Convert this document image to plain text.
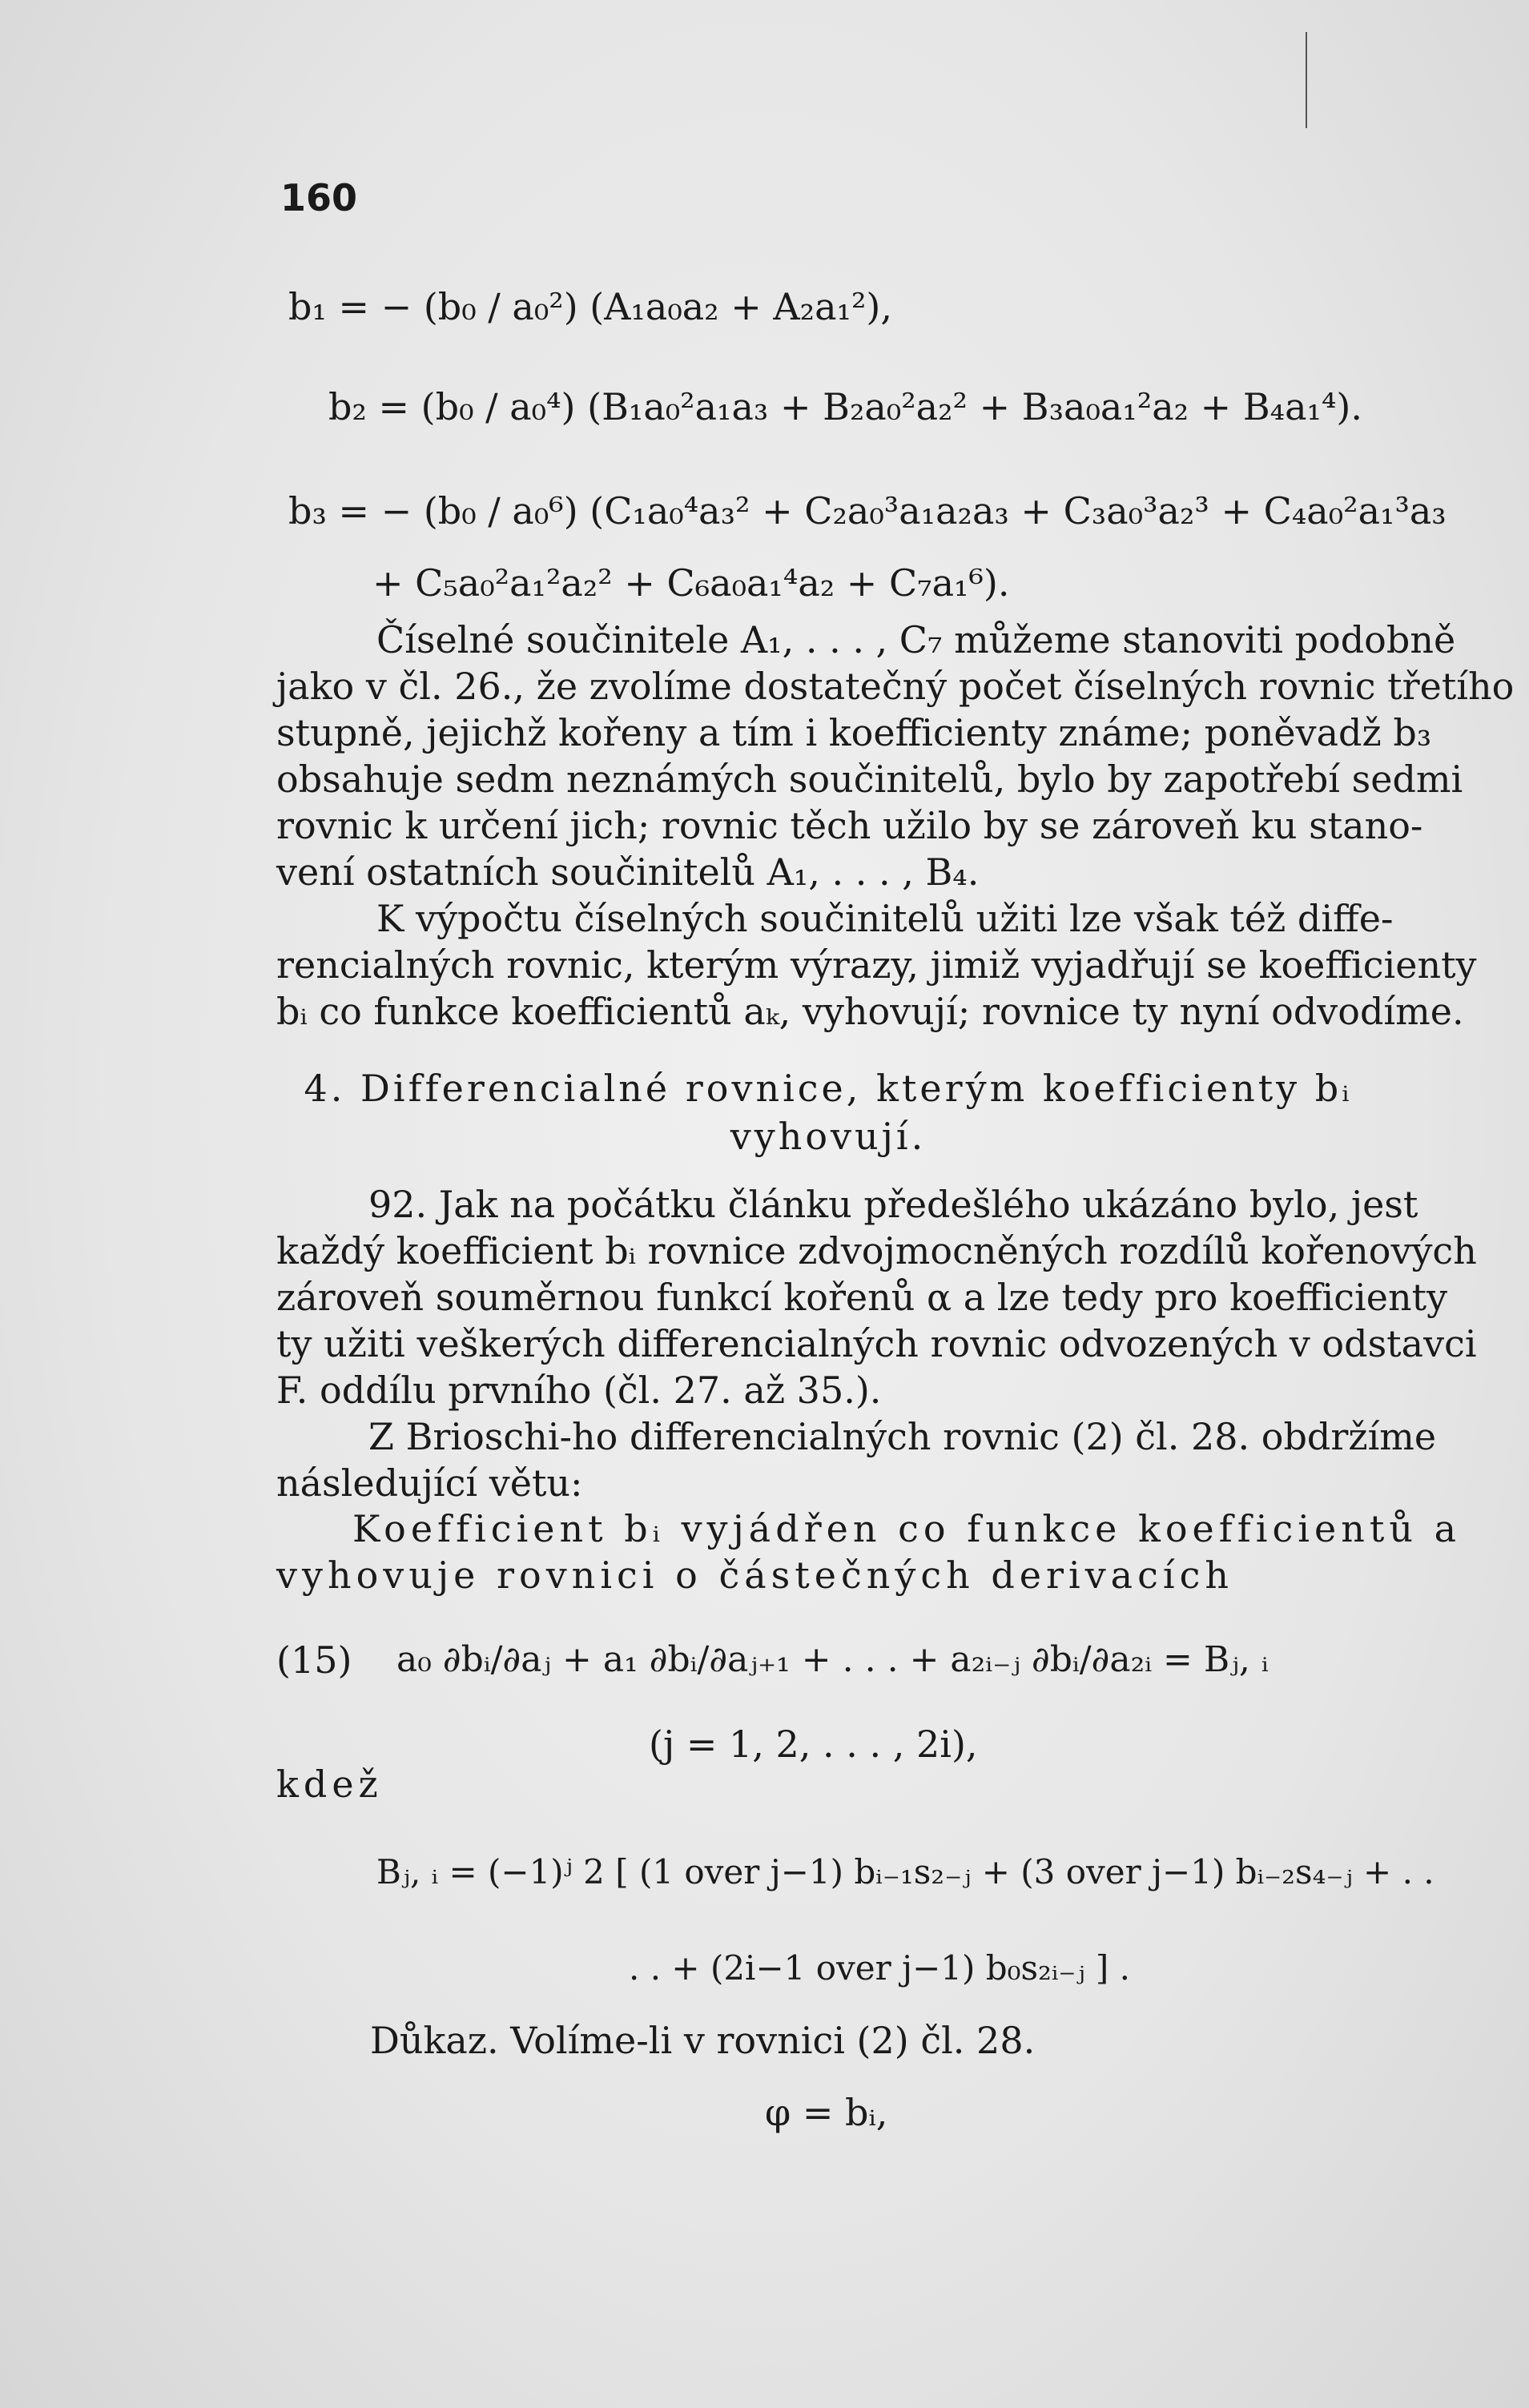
160
b₁ = − (b₀ / a₀²) (A₁a₀a₂ + A₂a₁²),
b₂ = (b₀ / a₀⁴) (B₁a₀²a₁a₃ + B₂a₀²a₂² + B₃a₀a₁²a₂ + B₄a₁⁴).
b₃ = − (b₀ / a₀⁶) (C₁a₀⁴a₃² + C₂a₀³a₁a₂a₃ + C₃a₀³a₂³ + C₄a₀²a₁³a₃
+ C₅a₀²a₁²a₂² + C₆a₀a₁⁴a₂ + C₇a₁⁶).
Číselné součinitele A₁, . . . , C₇ můžeme stanoviti podobně
jako v čl. 26., že zvolíme dostatečný počet číselných rovnic třetího
stupně, jejichž kořeny a tím i koefficienty známe; poněvadž b₃
obsahuje sedm neznámých součinitelů, bylo by zapotřebí sedmi
rovnic k určení jich; rovnic těch užilo by se zároveň ku stano-
vení ostatních součinitelů A₁, . . . , B₄.
K výpočtu číselných součinitelů užiti lze však též diffe-
rencialných rovnic, kterým výrazy, jimiž vyjadřují se koefficienty
bᵢ co funkce koefficientů aₖ, vyhovují; rovnice ty nyní odvodíme.
4. Differencialné rovnice, kterým koefficienty bᵢ
vyhovují.
92. Jak na počátku článku předešlého ukázáno bylo, jest
každý koefficient bᵢ rovnice zdvojmocněných rozdílů kořenových
zároveň souměrnou funkcí kořenů α a lze tedy pro koefficienty
ty užiti veškerých differencialných rovnic odvozených v odstavci
F. oddílu prvního (čl. 27. až 35.).
Z Brioschi-ho differencialných rovnic (2) čl. 28. obdržíme
následující větu:
Koefficient bᵢ vyjádřen co funkce koefficientů a
vyhovuje rovnici o částečných derivacích
(15) a₀ ∂bᵢ/∂aⱼ + a₁ ∂bᵢ/∂aⱼ₊₁ + . . . + a₂ᵢ₋ⱼ ∂bᵢ/∂a₂ᵢ = Bⱼ, ᵢ
(j = 1, 2, . . . , 2i),
kdež
Bⱼ, ᵢ = (−1)ʲ 2 [ (1 over j−1) bᵢ₋₁s₂₋ⱼ + (3 over j−1) bᵢ₋₂s₄₋ⱼ + . .
. . + (2i−1 over j−1) b₀s₂ᵢ₋ⱼ ] .
Důkaz. Volíme-li v rovnici (2) čl. 28.
φ = bᵢ,
